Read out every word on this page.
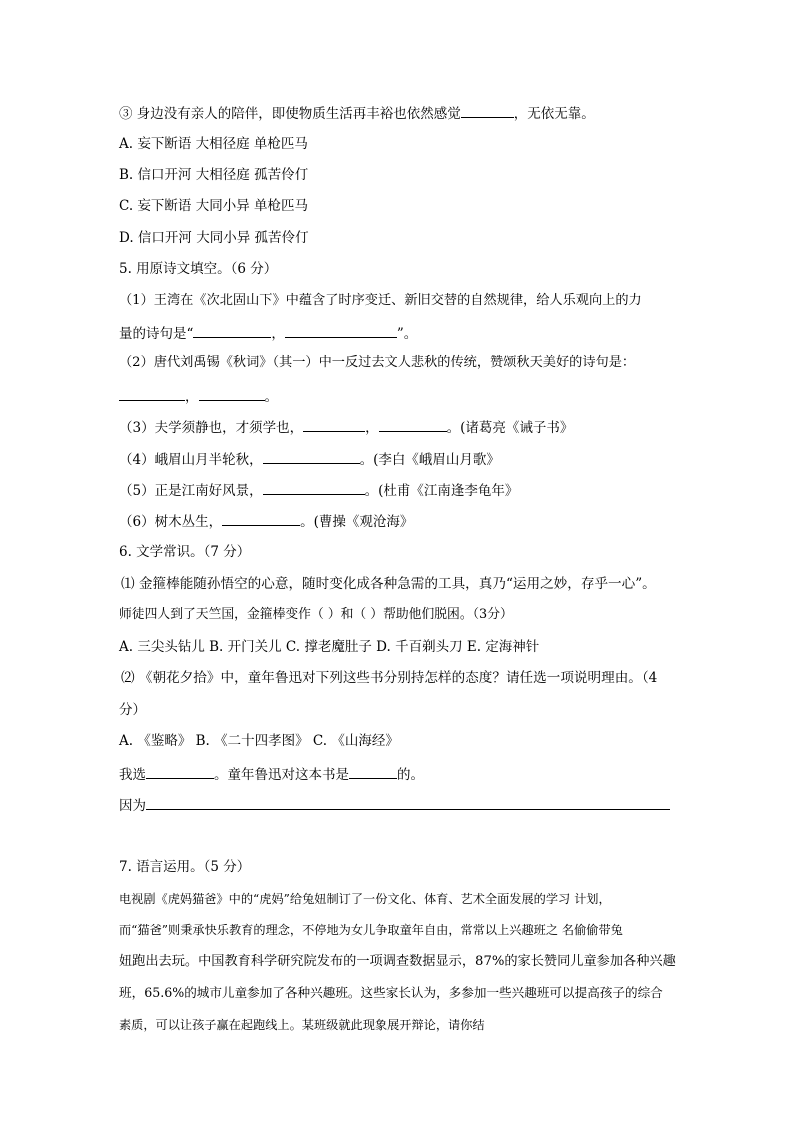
③ 身边没有亲人的陪伴，即使物质生活再丰裕也依然感觉	，无依无靠。
A. 妄下断语 大相径庭 单枪匹马
B. 信口开河 大相径庭 孤苦伶仃
C. 妄下断语 大同小异 单枪匹马
D. 信口开河 大同小异 孤苦伶仃
5. 用原诗文填空。（6 分）
（1）王湾在《次北固山下》中蕴含了时序变迁、新旧交替的自然规律，给人乐观向上的力
量的诗句是“	，	”。
（2）唐代刘禹锡《秋词》（其一）中一反过去文人悲秋的传统，赞颂秋天美好的诗句是：
，	。
（3）夫学须静也，才须学也，	，	。(诸葛亮《诫子书》
（4）峨眉山月半轮秋，	。(李白《峨眉山月歌》
（5）正是江南好风景，	。(杜甫《江南逢李龟年》
（6）树木丛生，	。(曹操《观沧海》
6. 文学常识。（7 分）
⑴ 金箍棒能随孙悟空的心意，随时变化成各种急需的工具，真乃“运用之妙，存乎一心”。
师徒四人到了天竺国，金箍棒变作（ ）和（ ）帮助他们脱困。（3分）
A. 三尖头钻儿 B. 开门关儿 C. 撑老魔肚子 D. 千百剃头刀 E. 定海神针
⑵ 《朝花夕拾》中，童年鲁迅对下列这些书分别持怎样的态度？请任选一项说明理由。（4
分）
A. 《鉴略》 B. 《二十四孝图》 C. 《山海经》
我选	。童年鲁迅对这本书是	的。
因为
7. 语言运用。（5 分）
电视剧《虎妈猫爸》中的“虎妈”给兔妞制订了一份文化、体育、艺术全面发展的学习 计划，
而“猫爸”则秉承快乐教育的理念，不停地为女儿争取童年自由，常常以上兴趣班之 名偷偷带兔
妞跑出去玩。中国教育科学研究院发布的一项调查数据显示，87%的家长赞同儿童参加各种兴趣
班，65.6%的城市儿童参加了各种兴趣班。这些家长认为，多参加一些兴趣班可以提高孩子的综合
素质，可以让孩子赢在起跑线上。某班级就此现象展开辩论，请你结
